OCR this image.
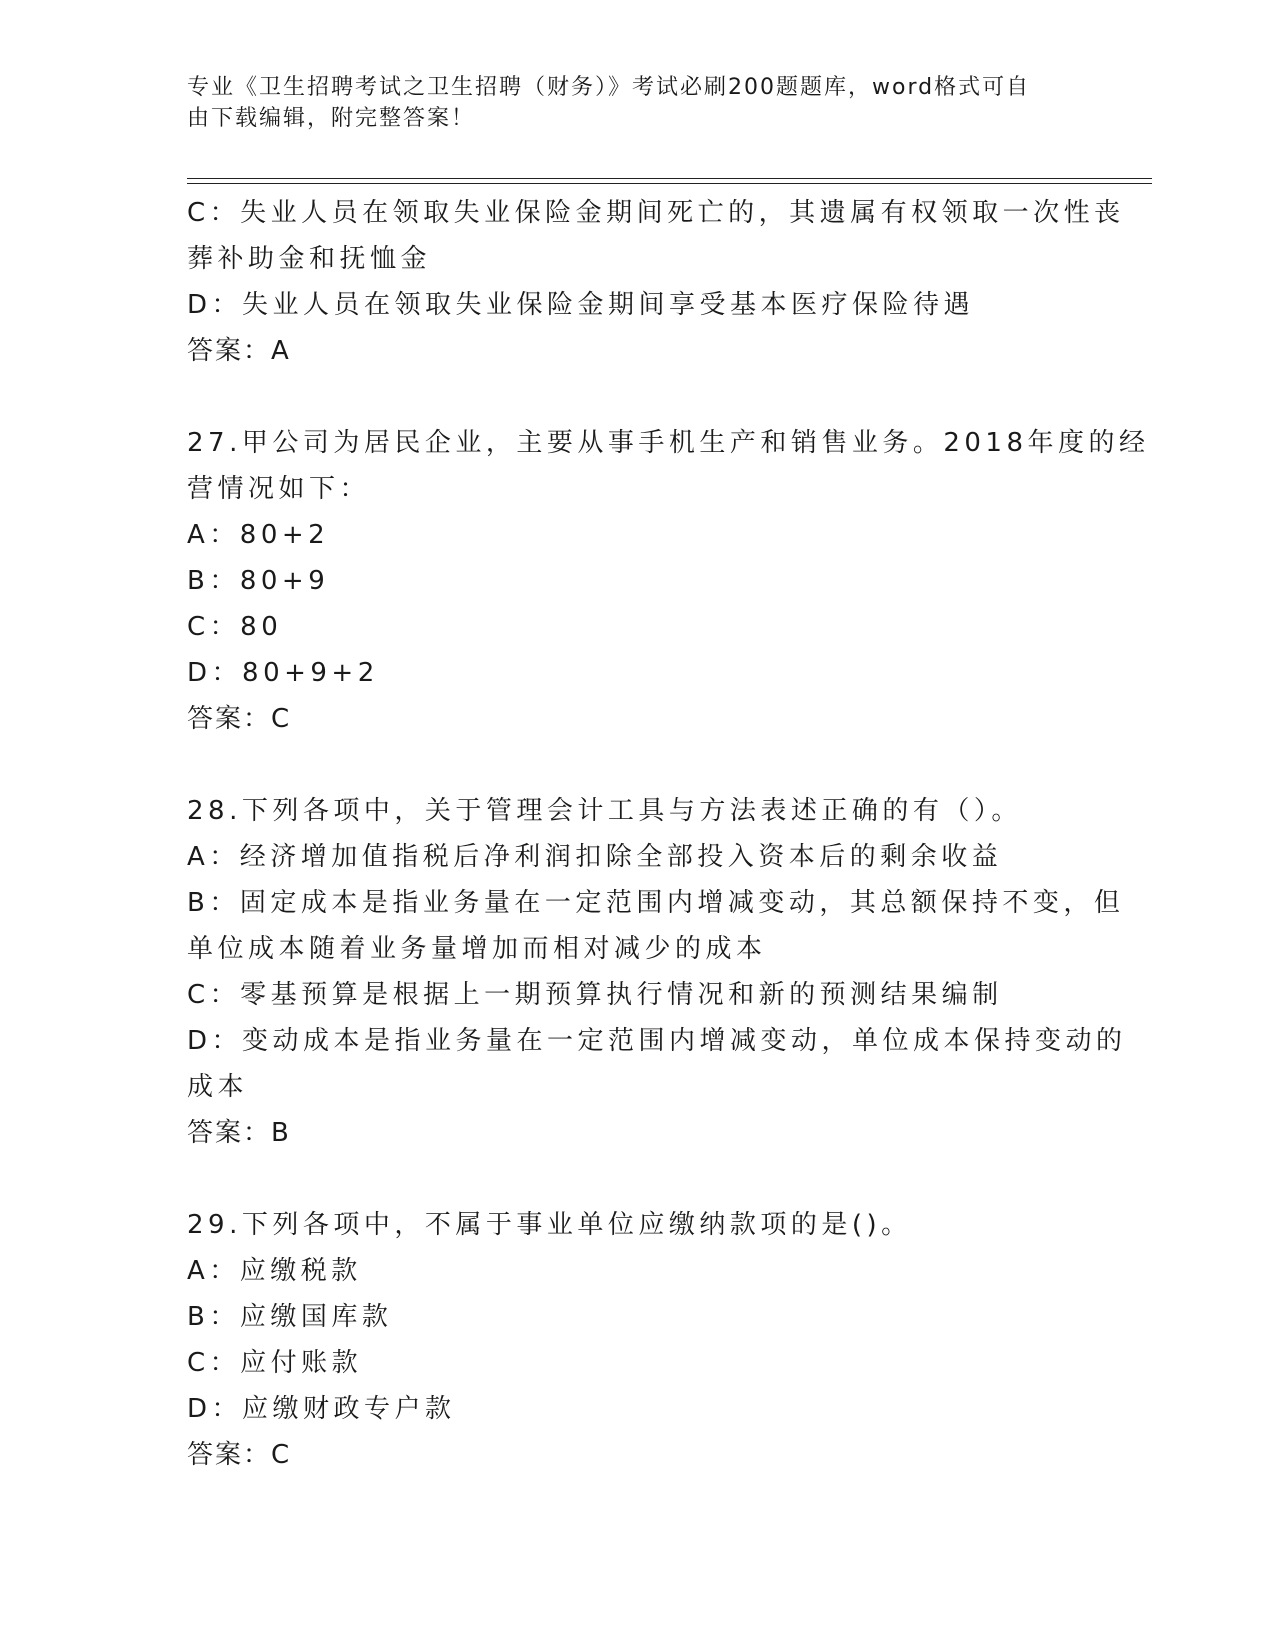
专业《卫生招聘考试之卫生招聘（财务）》考试必刷200题题库，word格式可自
由下载编辑，附完整答案！
C：失业人员在领取失业保险金期间死亡的，其遗属有权领取一次性丧
葬补助金和抚恤金
D：失业人员在领取失业保险金期间享受基本医疗保险待遇
答案：A
27.甲公司为居民企业，主要从事手机生产和销售业务。2018年度的经
营情况如下：
A：80+2
B：80+9
C：80
D：80+9+2
答案：C
28.下列各项中，关于管理会计工具与方法表述正确的有（）。
A：经济增加值指税后净利润扣除全部投入资本后的剩余收益
B：固定成本是指业务量在一定范围内增减变动，其总额保持不变，但
单位成本随着业务量增加而相对减少的成本
C：零基预算是根据上一期预算执行情况和新的预测结果编制
D：变动成本是指业务量在一定范围内增减变动，单位成本保持变动的
成本
答案：B
29.下列各项中，不属于事业单位应缴纳款项的是()。
A：应缴税款
B：应缴国库款
C：应付账款
D：应缴财政专户款
答案：C
